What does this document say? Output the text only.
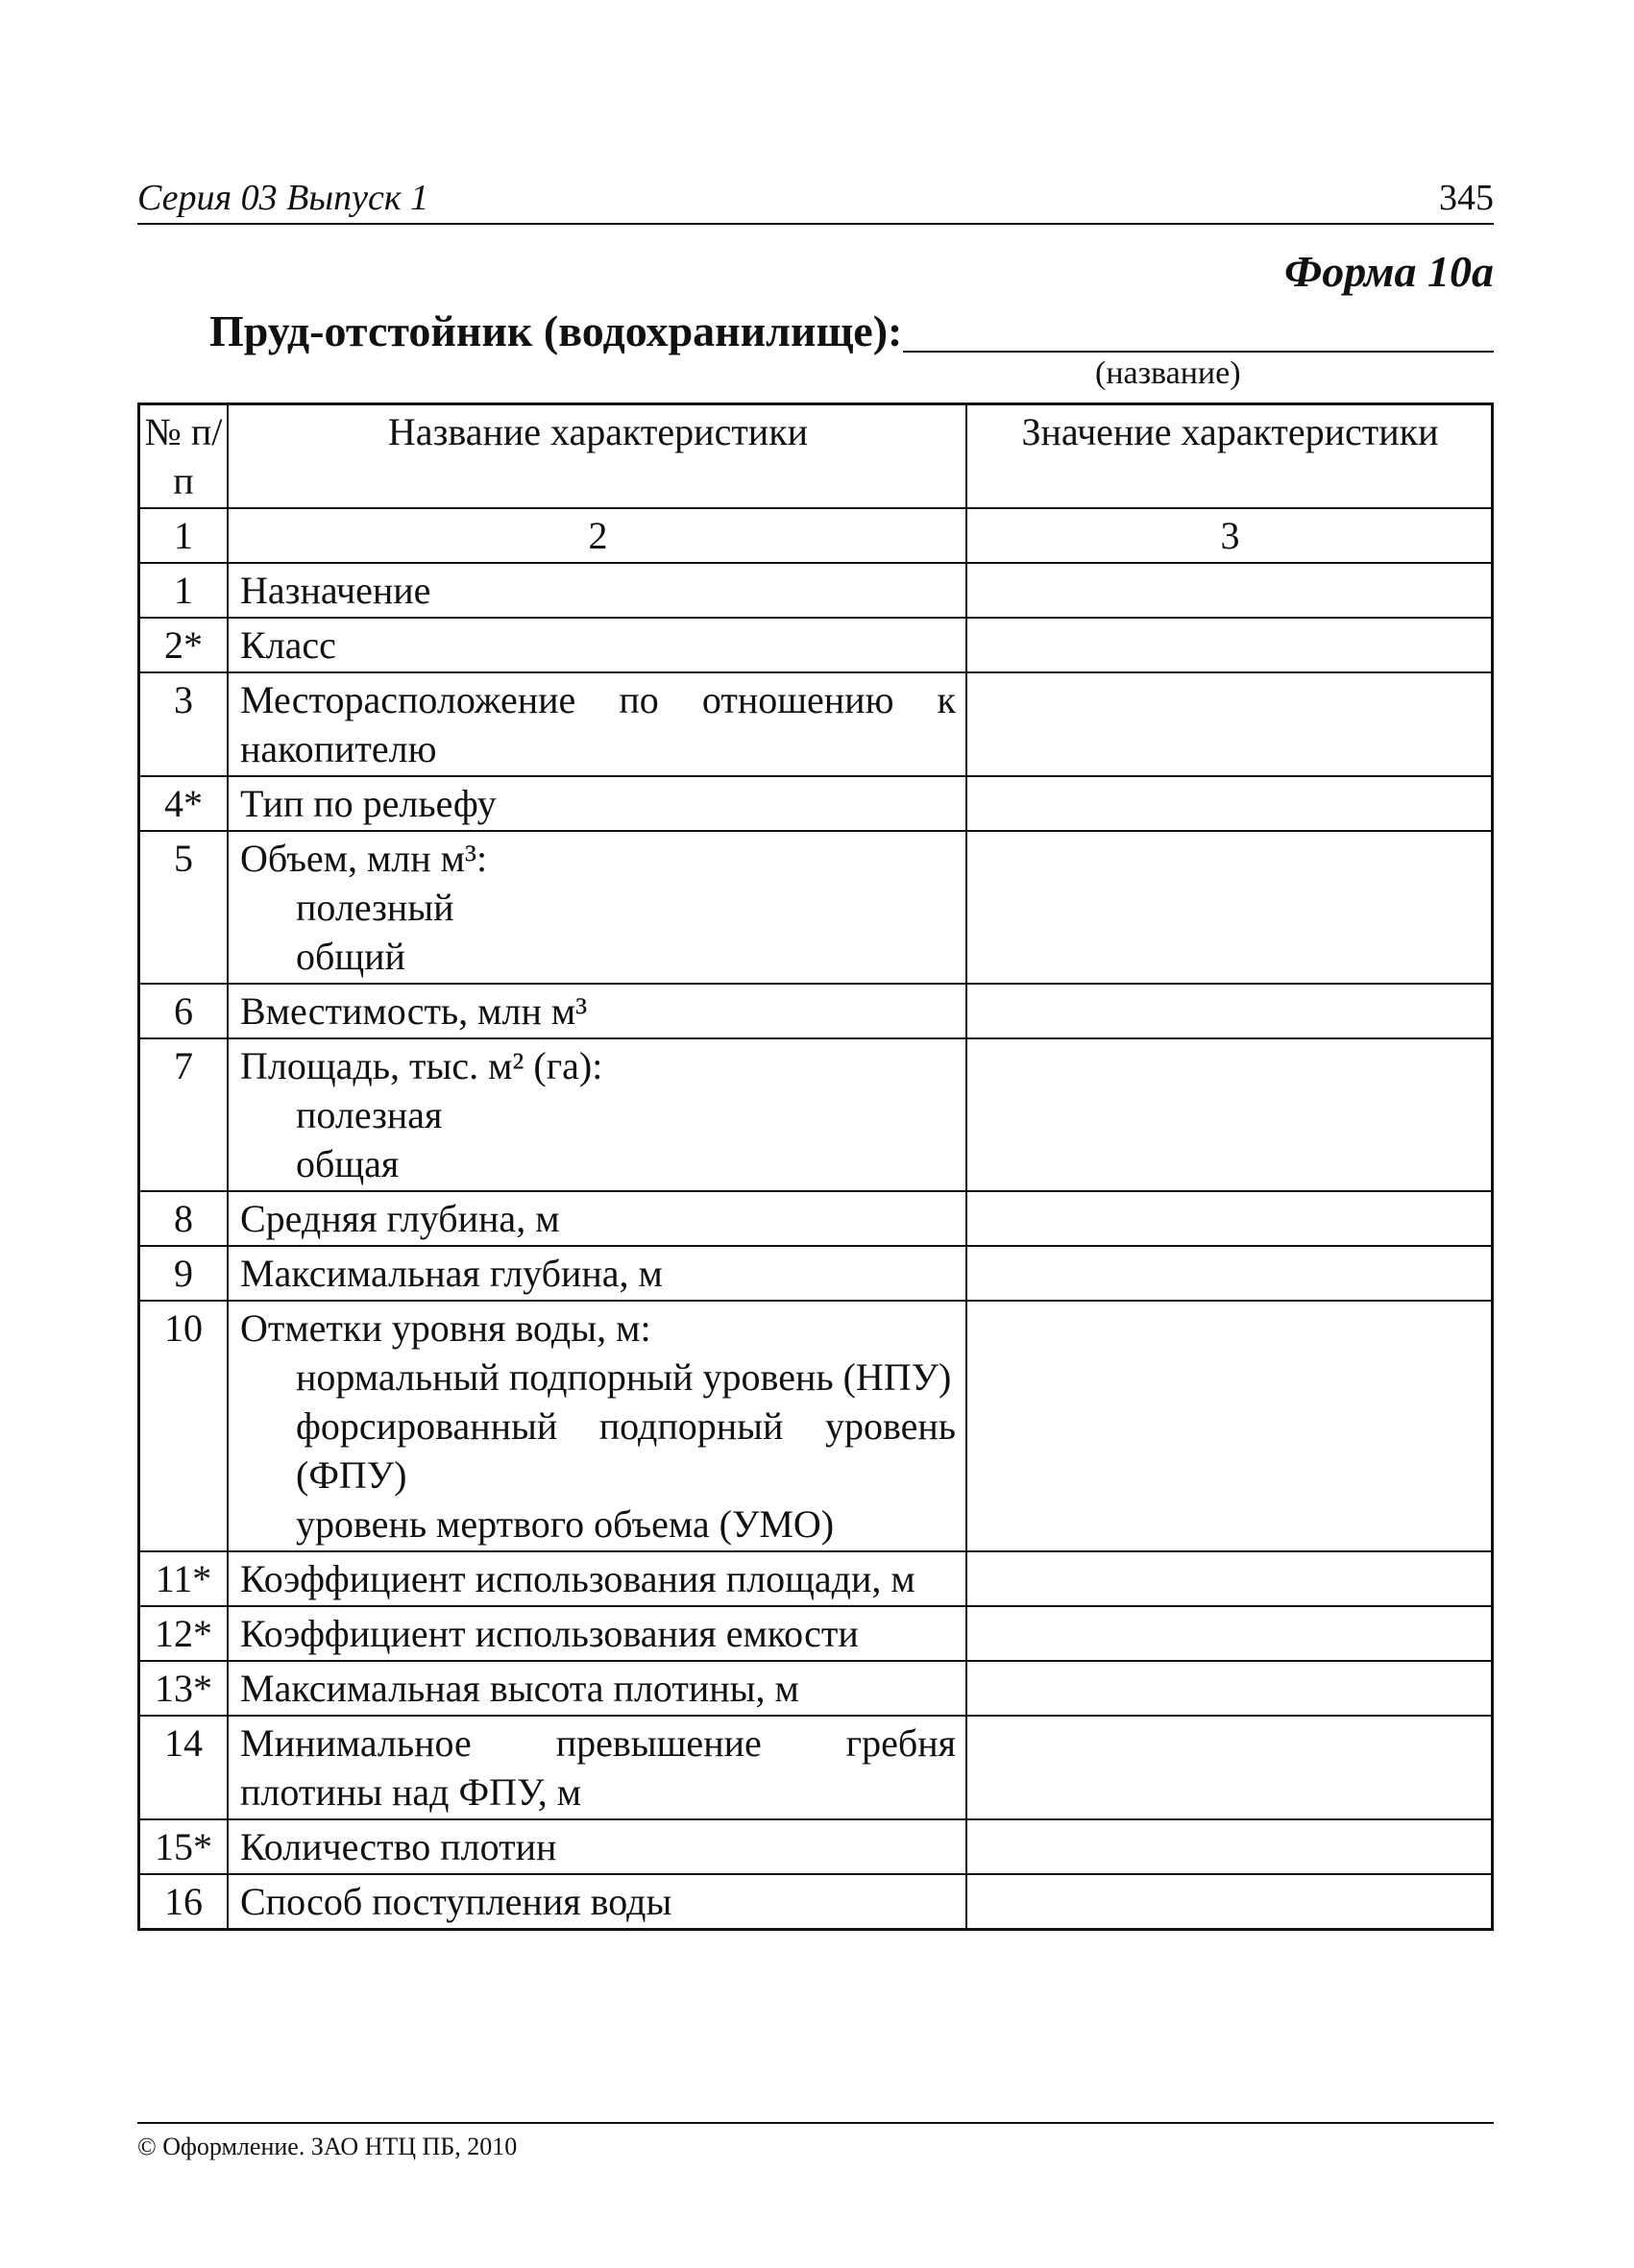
Серия 03 Выпуск 1	345
Форма 10а
Пруд-отстойник (водохранилище):
(название)
№ п/п	Название характеристики	Значение характеристики
1	2	3
1	Назначение	

2*	Класс	

3	Месторасположение по отношению к накопителю	

4*	Тип по рельефу	

5	Объем, млн м³:
полезный
общий	

6	Вместимость, млн м³	

7	Площадь, тыс. м² (га):
полезная
общая	

8	Средняя глубина, м	

9	Максимальная глубина, м	

10	Отметки уровня воды, м:
нормальный подпорный уровень (НПУ)
форсированный подпорный уровень (ФПУ)
уровень мертвого объема (УМО)	

11*	Коэффициент использования площади, м	

12*	Коэффициент использования емкости	

13*	Максимальная высота плотины, м	

14	Минимальное превышение гребня плотины над ФПУ, м	

15*	Количество плотин	

16	Способ поступления воды	

© Оформление. ЗАО НТЦ ПБ, 2010
